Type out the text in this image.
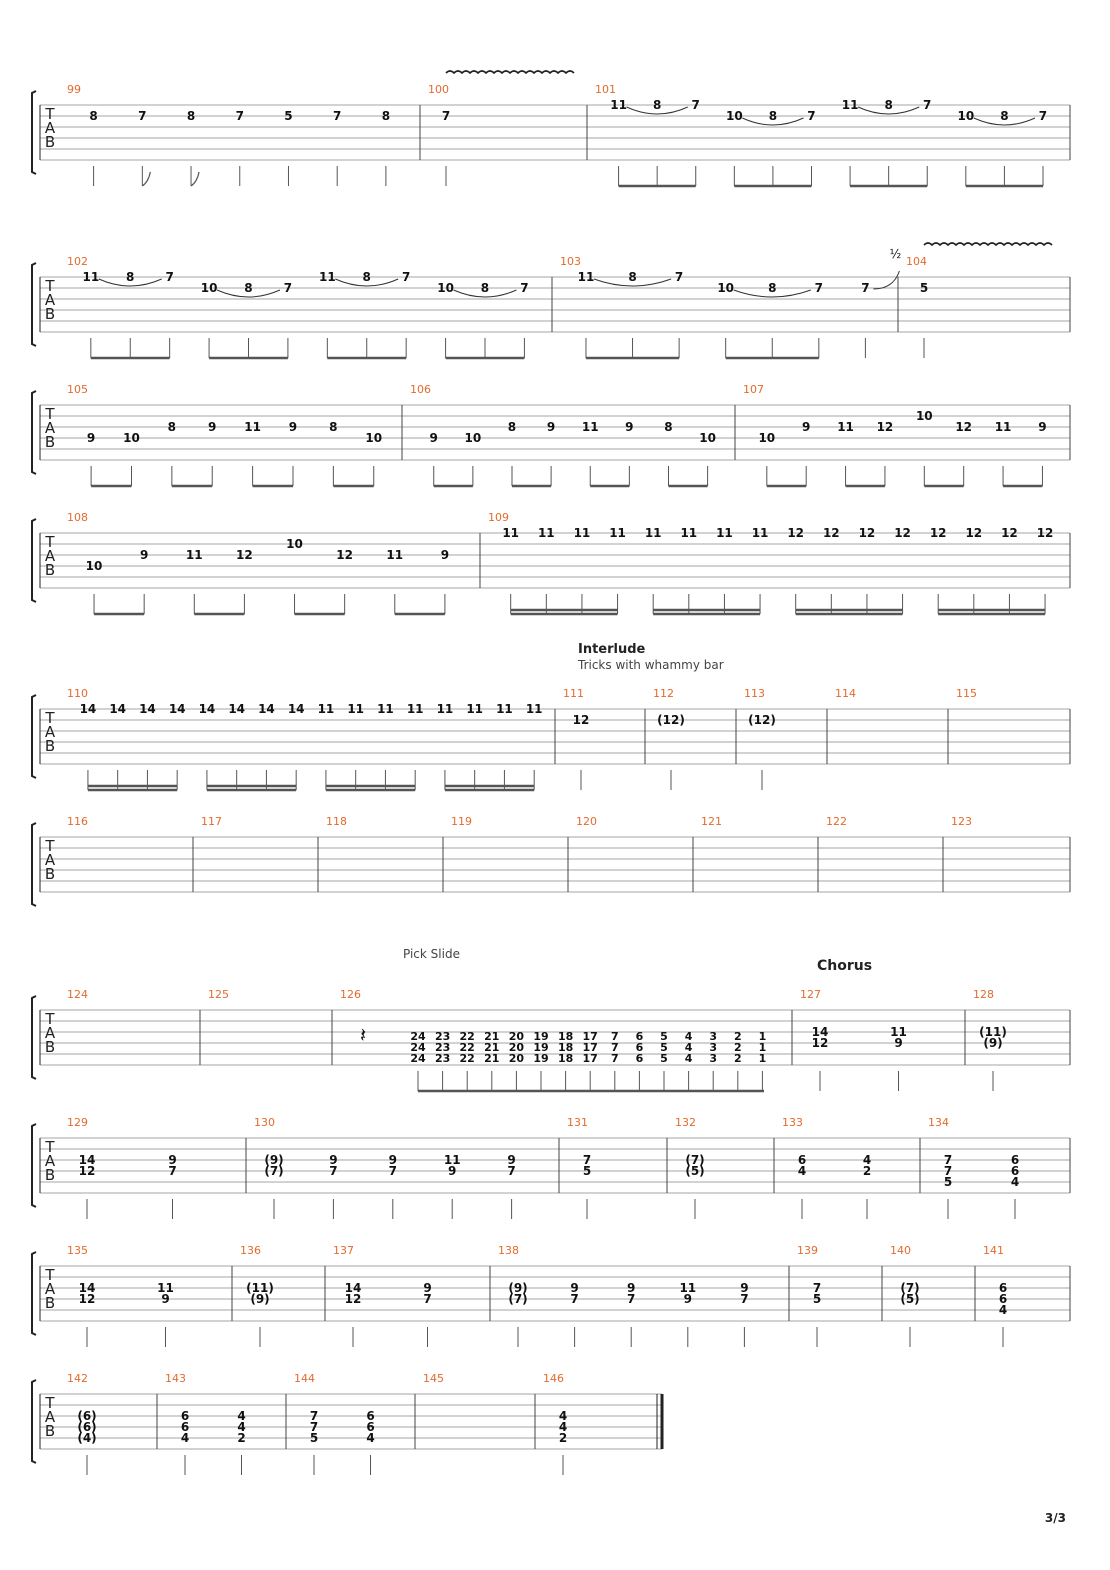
T
A
B
99
8	7	8	7	5	7	8
100
7
101
11 8	7
10 8	7
11 8	7
10 8	7
T
A
B
102
11 8	7
10 8	7
11 8	7
10 8	7
103
11	8	7
10	8	7	7
½
104
5
T
A
B
105
9 10
8	9 11 9	8
10
106
9 10
8	9 11 9	8
10
107
10
9 11 12
10
12 11 9
T
A
B
108
10
9	11	12
10
12	11	9
109
11 11 11 11 11 11 11 11 12 12 12 12 12 12 12 12
T
A
B
110
14 14 14 14 14 14 14 14 11 11 11 11 11 11 11 11
111
12
112
(12)
113
(12)
114	115
T
A
B
116	117	118	119	120	121	122	123
T
A
B
124	125	126
𝄽	24
24
24
23
23
23
22
22
22
21
21
21
20
20
20
19
19
19
18
18
18
17
17
17
7
7
7
6
6
6
5
5
5
4
4
4
3
3
3
2
2
2
1
1
1
127
14
12
11
9
128
(11)
(9)
T
A
B
129
14
12
9
7
130
(9)
(7)
9
7
9
7
11
9
9
7
131
7
5
132
(7)
(5)
133
6
4
4
2
134
7
7
5
6
6
4
T
A
B
135
14
12
11
9
136
(11)
(9)
137
14
12
9
7
138
(9)
(7)
9
7
9
7
11
9
9
7
139
7
5
140
(7)
(5)
141
6
6
4
T
A
B
142
(6)
(6)
(4)
143
6
6
4
4
4
2
144
7
7
5
6
6
4
145	146
4
4
2
Interlude
Tricks with whammy bar
Pick Slide
Chorus
3/3
